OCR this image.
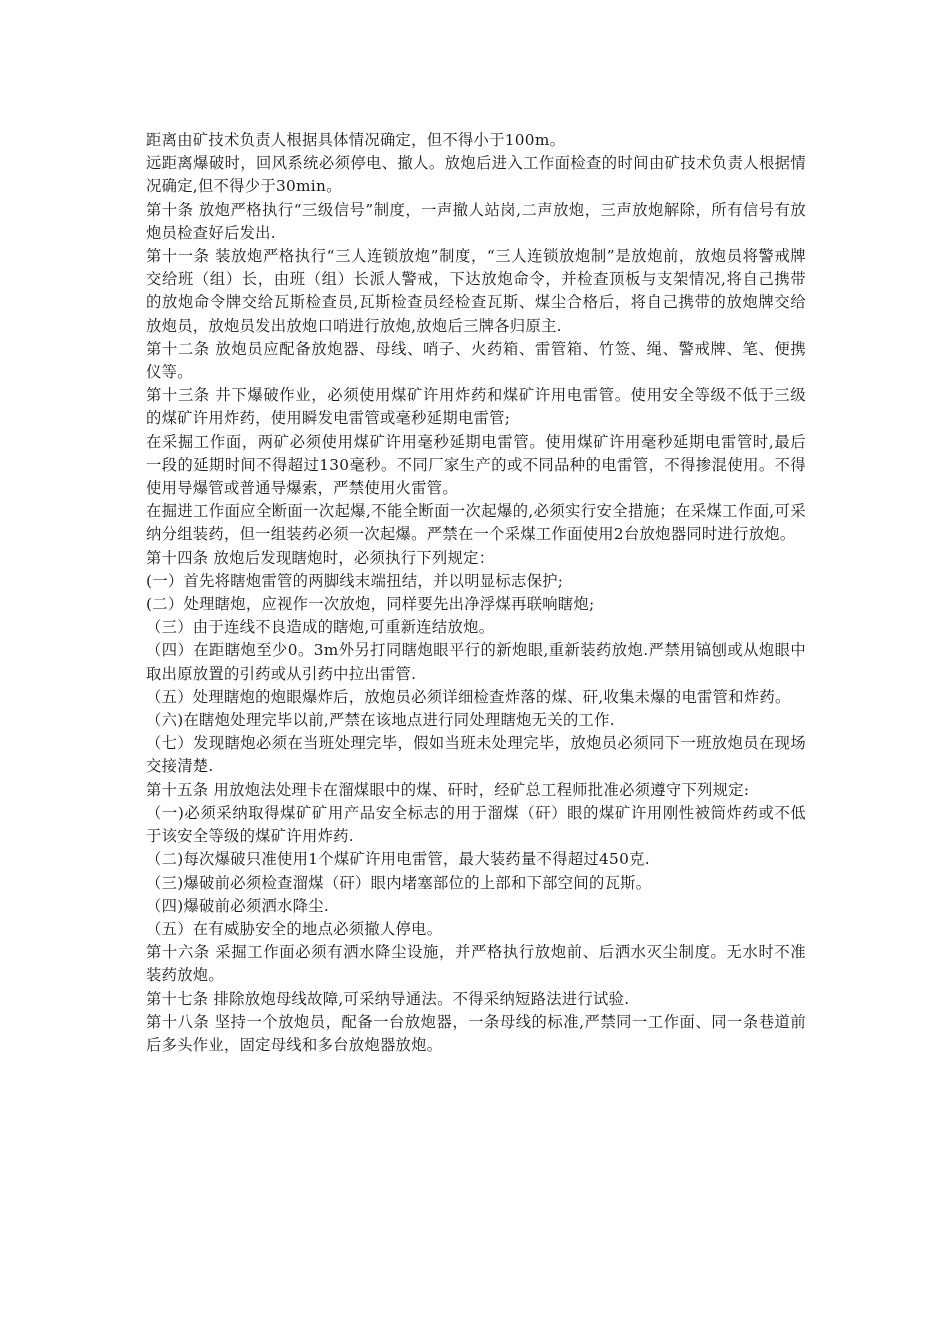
距离由矿技术负责人根据具体情况确定，但不得小于100m。

远距离爆破时，回风系统必须停电、撤人。放炮后进入工作面检查的时间由矿技术负责人根据情况确定,但不得少于30min。

第十条 放炮严格执行“三级信号”制度，一声撤人站岗,二声放炮，三声放炮解除，所有信号有放炮员检查好后发出.

第十一条 装放炮严格执行“三人连锁放炮”制度，“三人连锁放炮制”是放炮前，放炮员将警戒牌交给班（组）长，由班（组）长派人警戒，下达放炮命令，并检查顶板与支架情况,将自己携带的放炮命令牌交给瓦斯检查员,瓦斯检查员经检查瓦斯、煤尘合格后，将自己携带的放炮牌交给放炮员，放炮员发出放炮口哨进行放炮,放炮后三牌各归原主.

第十二条 放炮员应配备放炮器、母线、哨子、火药箱、雷管箱、竹签、绳、警戒牌、笔、便携仪等。

第十三条 井下爆破作业，必须使用煤矿许用炸药和煤矿许用电雷管。使用安全等级不低于三级的煤矿许用炸药，使用瞬发电雷管或毫秒延期电雷管;

在采掘工作面，两矿必须使用煤矿许用毫秒延期电雷管。使用煤矿许用毫秒延期电雷管时,最后一段的延期时间不得超过130毫秒。不同厂家生产的或不同品种的电雷管，不得掺混使用。不得使用导爆管或普通导爆索，严禁使用火雷管。

在掘进工作面应全断面一次起爆,不能全断面一次起爆的,必须实行安全措施；在采煤工作面,可采纳分组装药，但一组装药必须一次起爆。严禁在一个采煤工作面使用2台放炮器同时进行放炮。

第十四条 放炮后发现瞎炮时，必须执行下列规定：

(一）首先将瞎炮雷管的两脚线末端扭结，并以明显标志保护;

(二）处理瞎炮，应视作一次放炮，同样要先出净浮煤再联响瞎炮;

（三）由于连线不良造成的瞎炮,可重新连结放炮。

（四）在距瞎炮至少0。3m外另打同瞎炮眼平行的新炮眼,重新装药放炮.严禁用镐刨或从炮眼中取出原放置的引药或从引药中拉出雷管.

（五）处理瞎炮的炮眼爆炸后，放炮员必须详细检查炸落的煤、矸,收集未爆的电雷管和炸药。

（六)在瞎炮处理完毕以前,严禁在该地点进行同处理瞎炮无关的工作.

（七）发现瞎炮必须在当班处理完毕，假如当班未处理完毕，放炮员必须同下一班放炮员在现场交接清楚.

第十五条 用放炮法处理卡在溜煤眼中的煤、矸时，经矿总工程师批准必须遵守下列规定:

（一)必须采纳取得煤矿矿用产品安全标志的用于溜煤（矸）眼的煤矿许用刚性被筒炸药或不低于该安全等级的煤矿许用炸药.

（二)每次爆破只准使用1个煤矿许用电雷管，最大装药量不得超过450克.

（三)爆破前必须检查溜煤（矸）眼内堵塞部位的上部和下部空间的瓦斯。

（四)爆破前必须洒水降尘.

（五）在有威胁安全的地点必须撤人停电。

第十六条 采掘工作面必须有洒水降尘设施，并严格执行放炮前、后洒水灭尘制度。无水时不准装药放炮。

第十七条 排除放炮母线故障,可采纳导通法。不得采纳短路法进行试验.

第十八条 坚持一个放炮员，配备一台放炮器，一条母线的标准,严禁同一工作面、同一条巷道前后多头作业，固定母线和多台放炮器放炮。
